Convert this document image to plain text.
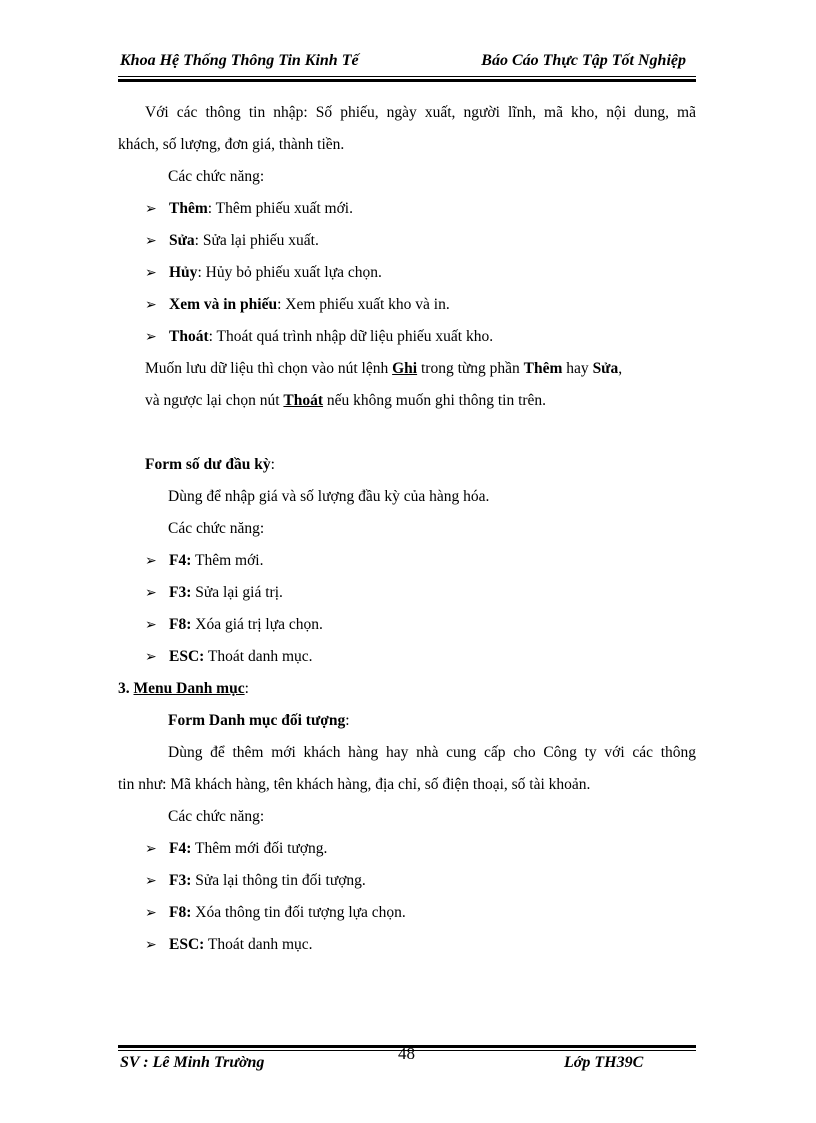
Khoa Hệ Thống Thông Tin Kinh Tế	Báo Cáo Thực Tập Tốt Nghiệp
Với các thông tin nhập: Số phiếu, ngày xuất, người lĩnh, mã kho, nội dung, mã
khách, số lượng, đơn giá, thành tiền.
Các chức năng:
➢ Thêm: Thêm phiếu xuất mới.
➢ Sửa: Sửa lại phiếu xuất.
➢ Hủy: Hủy bỏ phiếu xuất lựa chọn.
➢ Xem và in phiếu: Xem phiếu xuất kho và in.
➢ Thoát: Thoát quá trình nhập dữ liệu phiếu xuất kho.
Muốn lưu dữ liệu thì chọn vào nút lệnh Ghi trong từng phần Thêm hay Sửa,
và ngược lại chọn nút Thoát nếu không muốn ghi thông tin trên.
Form số dư đầu kỳ:
Dùng để nhập giá và số lượng đầu kỳ của hàng hóa.
Các chức năng:
➢ F4: Thêm mới.
➢ F3: Sửa lại giá trị.
➢ F8: Xóa giá trị lựa chọn.
➢ ESC: Thoát danh mục.
3. Menu Danh mục:
Form Danh mục đối tượng:
Dùng để thêm mới khách hàng hay nhà cung cấp cho Công ty với các thông
tin như: Mã khách hàng, tên khách hàng, địa chỉ, số điện thoại, số tài khoản.
Các chức năng:
➢ F4: Thêm mới đối tượng.
➢ F3: Sửa lại thông tin đối tượng.
➢ F8: Xóa thông tin đối tượng lựa chọn.
➢ ESC: Thoát danh mục.
SV : Lê Minh Trường	48	Lớp TH39C
